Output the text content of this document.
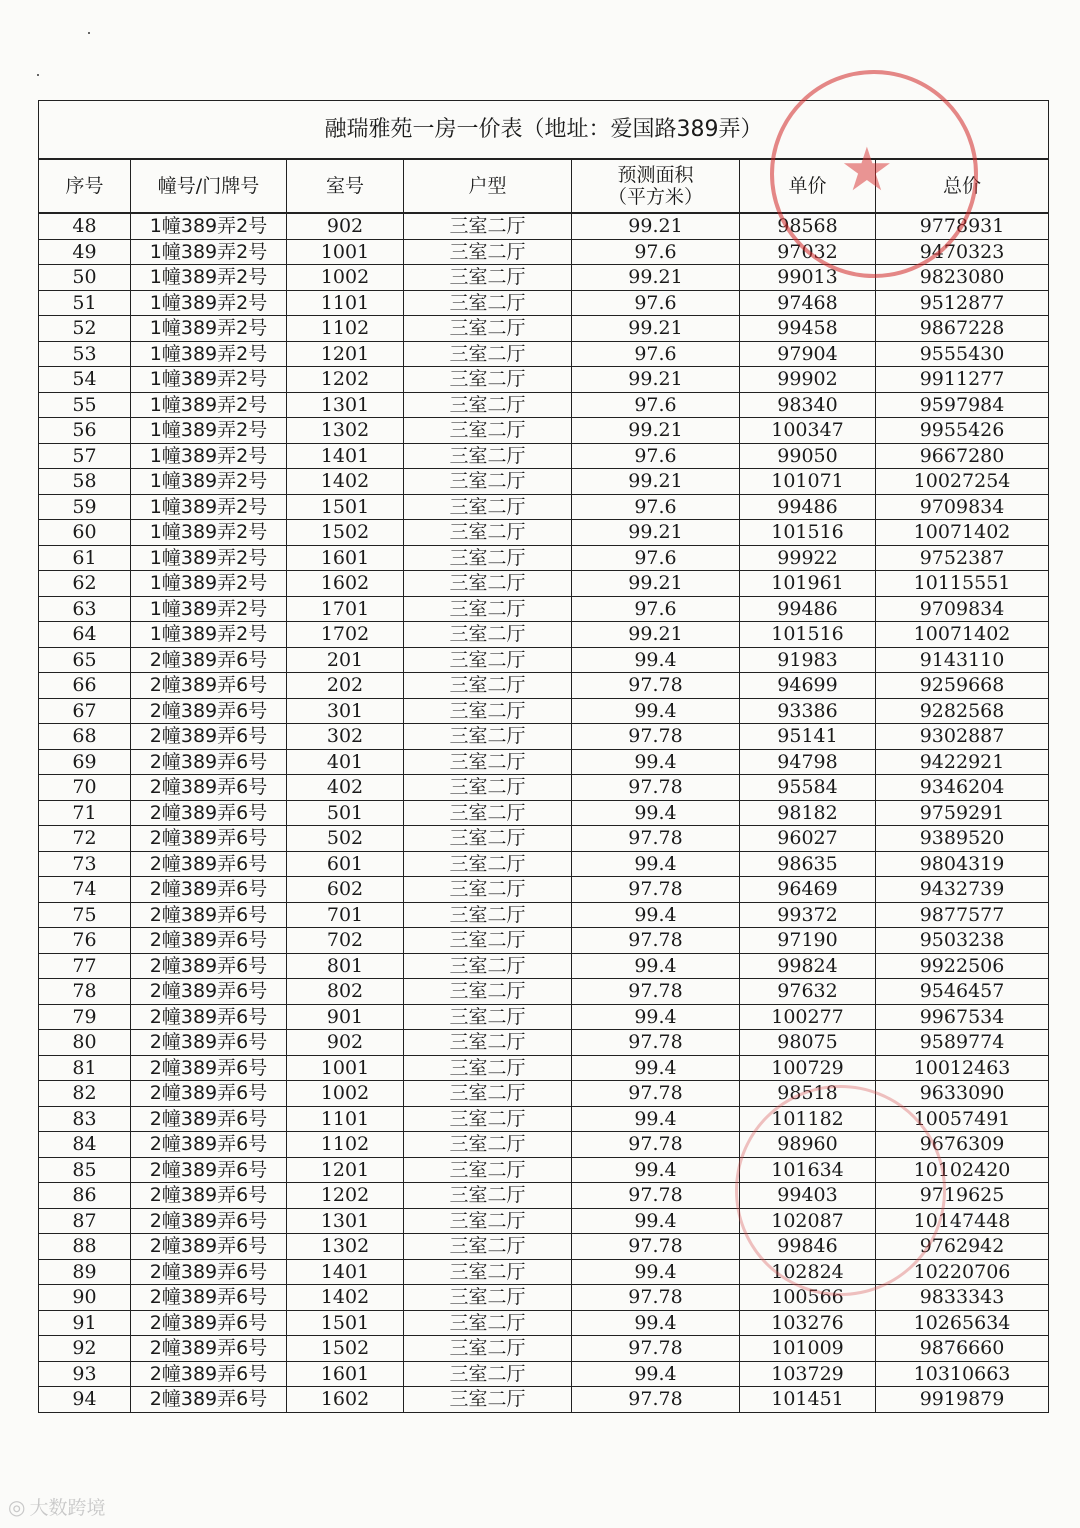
融瑞雅苑一房一价表（地址：爱国路389弄）						
序号	幢号/门牌号	室号	户型	预测面积
（平方米）	单价	总价
48	1幢389弄2号	902	三室二厅	99.21	98568	9778931
49	1幢389弄2号	1001	三室二厅	97.6	97032	9470323
50	1幢389弄2号	1002	三室二厅	99.21	99013	9823080
51	1幢389弄2号	1101	三室二厅	97.6	97468	9512877
52	1幢389弄2号	1102	三室二厅	99.21	99458	9867228
53	1幢389弄2号	1201	三室二厅	97.6	97904	9555430
54	1幢389弄2号	1202	三室二厅	99.21	99902	9911277
55	1幢389弄2号	1301	三室二厅	97.6	98340	9597984
56	1幢389弄2号	1302	三室二厅	99.21	100347	9955426
57	1幢389弄2号	1401	三室二厅	97.6	99050	9667280
58	1幢389弄2号	1402	三室二厅	99.21	101071	10027254
59	1幢389弄2号	1501	三室二厅	97.6	99486	9709834
60	1幢389弄2号	1502	三室二厅	99.21	101516	10071402
61	1幢389弄2号	1601	三室二厅	97.6	99922	9752387
62	1幢389弄2号	1602	三室二厅	99.21	101961	10115551
63	1幢389弄2号	1701	三室二厅	97.6	99486	9709834
64	1幢389弄2号	1702	三室二厅	99.21	101516	10071402
65	2幢389弄6号	201	三室二厅	99.4	91983	9143110
66	2幢389弄6号	202	三室二厅	97.78	94699	9259668
67	2幢389弄6号	301	三室二厅	99.4	93386	9282568
68	2幢389弄6号	302	三室二厅	97.78	95141	9302887
69	2幢389弄6号	401	三室二厅	99.4	94798	9422921
70	2幢389弄6号	402	三室二厅	97.78	95584	9346204
71	2幢389弄6号	501	三室二厅	99.4	98182	9759291
72	2幢389弄6号	502	三室二厅	97.78	96027	9389520
73	2幢389弄6号	601	三室二厅	99.4	98635	9804319
74	2幢389弄6号	602	三室二厅	97.78	96469	9432739
75	2幢389弄6号	701	三室二厅	99.4	99372	9877577
76	2幢389弄6号	702	三室二厅	97.78	97190	9503238
77	2幢389弄6号	801	三室二厅	99.4	99824	9922506
78	2幢389弄6号	802	三室二厅	97.78	97632	9546457
79	2幢389弄6号	901	三室二厅	99.4	100277	9967534
80	2幢389弄6号	902	三室二厅	97.78	98075	9589774
81	2幢389弄6号	1001	三室二厅	99.4	100729	10012463
82	2幢389弄6号	1002	三室二厅	97.78	98518	9633090
83	2幢389弄6号	1101	三室二厅	99.4	101182	10057491
84	2幢389弄6号	1102	三室二厅	97.78	98960	9676309
85	2幢389弄6号	1201	三室二厅	99.4	101634	10102420
86	2幢389弄6号	1202	三室二厅	97.78	99403	9719625
87	2幢389弄6号	1301	三室二厅	99.4	102087	10147448
88	2幢389弄6号	1302	三室二厅	97.78	99846	9762942
89	2幢389弄6号	1401	三室二厅	99.4	102824	10220706
90	2幢389弄6号	1402	三室二厅	97.78	100566	9833343
91	2幢389弄6号	1501	三室二厅	99.4	103276	10265634
92	2幢389弄6号	1502	三室二厅	97.78	101009	9876660
93	2幢389弄6号	1601	三室二厅	99.4	103729	10310663
94	2幢389弄6号	1602	三室二厅	97.78	101451	9919879
★
◎ 大数跨境
